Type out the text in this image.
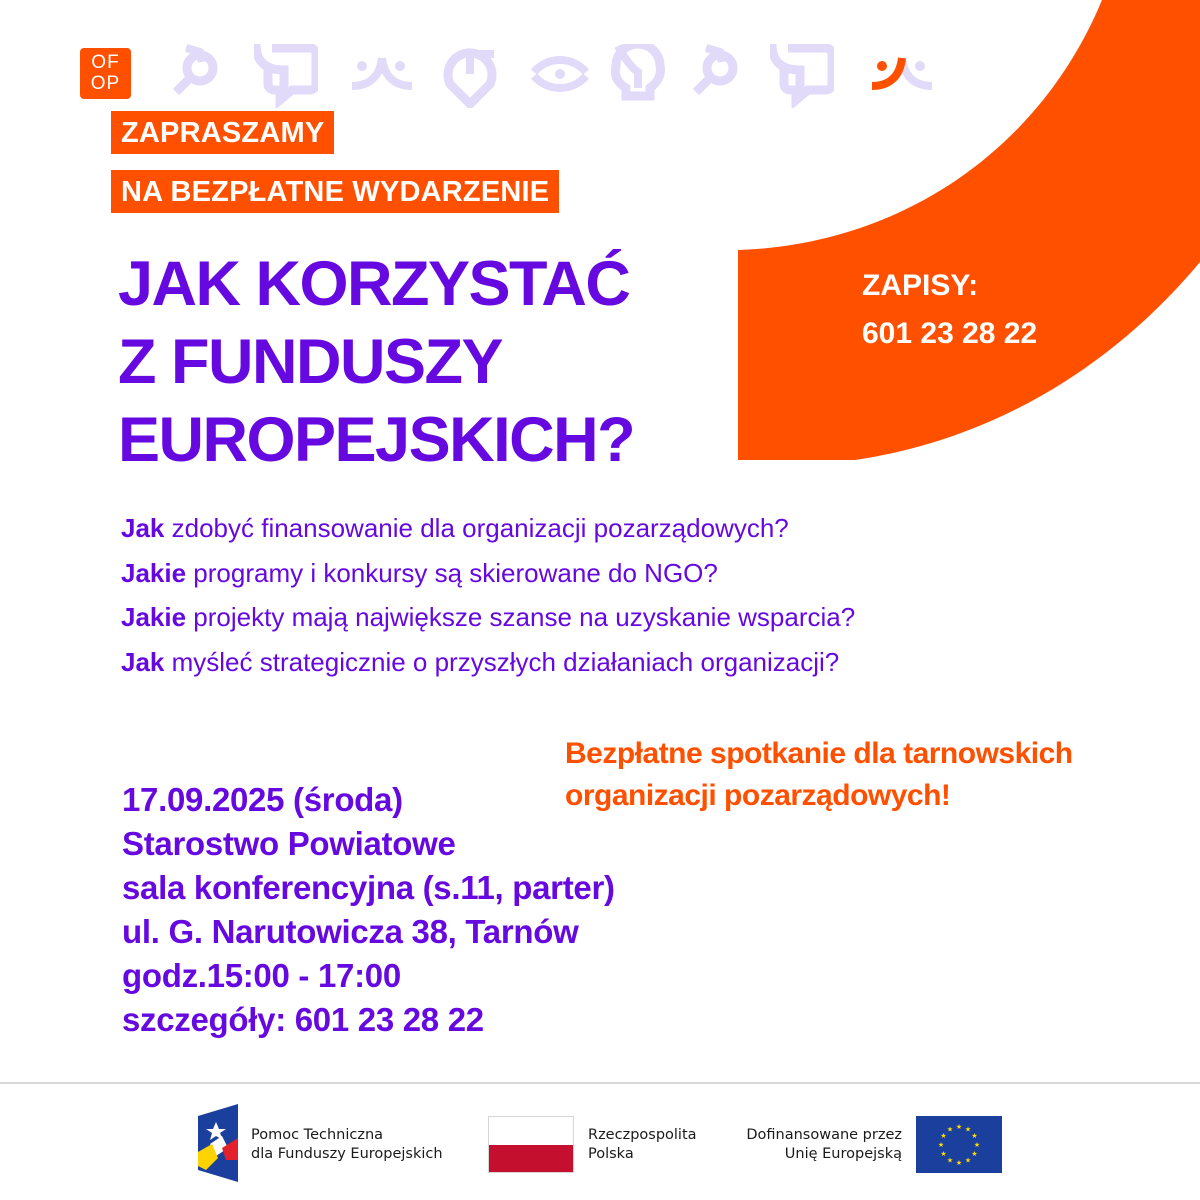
OF
OP
ZAPRASZAMY
NA BEZPŁATNE WYDARZENIE
JAK KORZYSTAĆ
Z FUNDUSZY
EUROPEJSKICH?
ZAPISY:
601 23 28 22
Jak zdobyć finansowanie dla organizacji pozarządowych?
Jakie programy i konkursy są skierowane do NGO?
Jakie projekty mają największe szanse na uzyskanie wsparcia?
Jak myśleć strategicznie o przyszłych działaniach organizacji?
Bezpłatne spotkanie dla tarnowskich
organizacji pozarządowych!
17.09.2025 (środa)
Starostwo Powiatowe
sala konferencyjna (s.11, parter)
ul. G. Narutowicza 38, Tarnów
godz.15:00 - 17:00
szczegóły: 601 23 28 22
Pomoc Techniczna
dla Funduszy Europejskich
Rzeczpospolita
Polska
Dofinansowane przez
Unię Europejską
★ ★
★
★
★
★
★
★
★
★
★
★
